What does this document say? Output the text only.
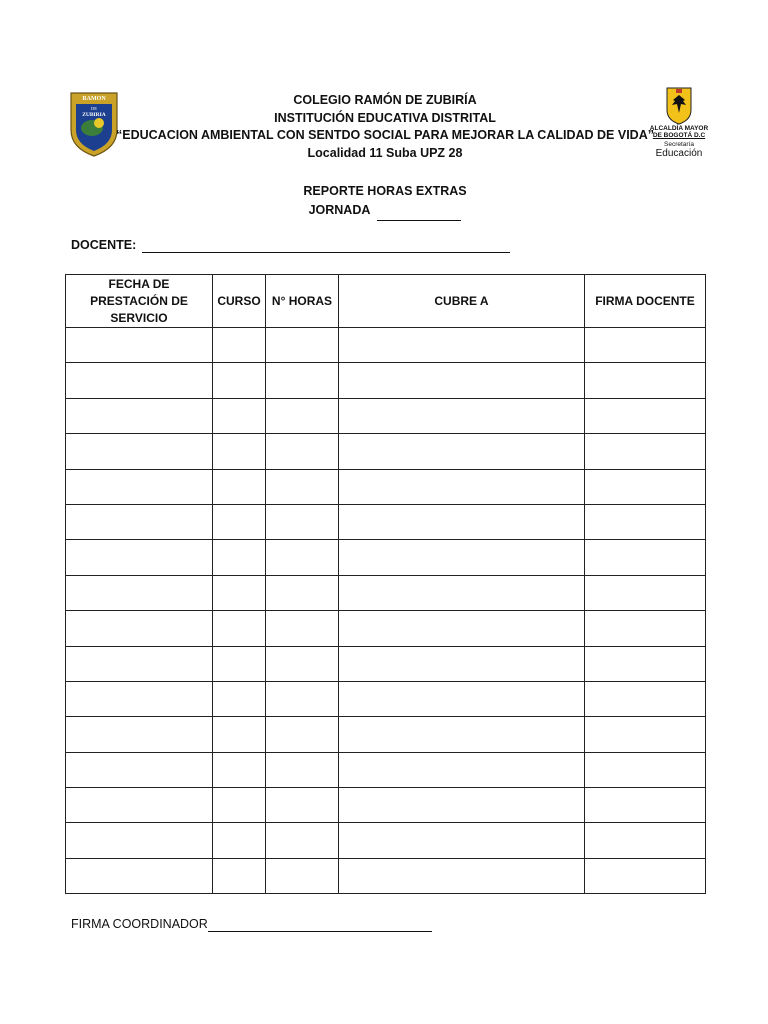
RAMON
DE
ZUBIRIA
COLEGIO RAMÓN DE ZUBIRÍA
INSTITUCIÓN EDUCATIVA DISTRITAL
“EDUCACION AMBIENTAL CON SENTDO SOCIAL PARA MEJORAR LA CALIDAD DE VIDA”
Localidad 11 Suba UPZ 28
ALCALDÍA MAYOR
DE BOGOTÁ D.C
Secretaría
Educación
REPORTE HORAS EXTRAS
JORNADA
DOCENTE:
FECHA DE PRESTACIÓN DE SERVICIO	CURSO	N° HORAS	CUBRE A	FIRMA DOCENTE

FIRMA COORDINADOR
